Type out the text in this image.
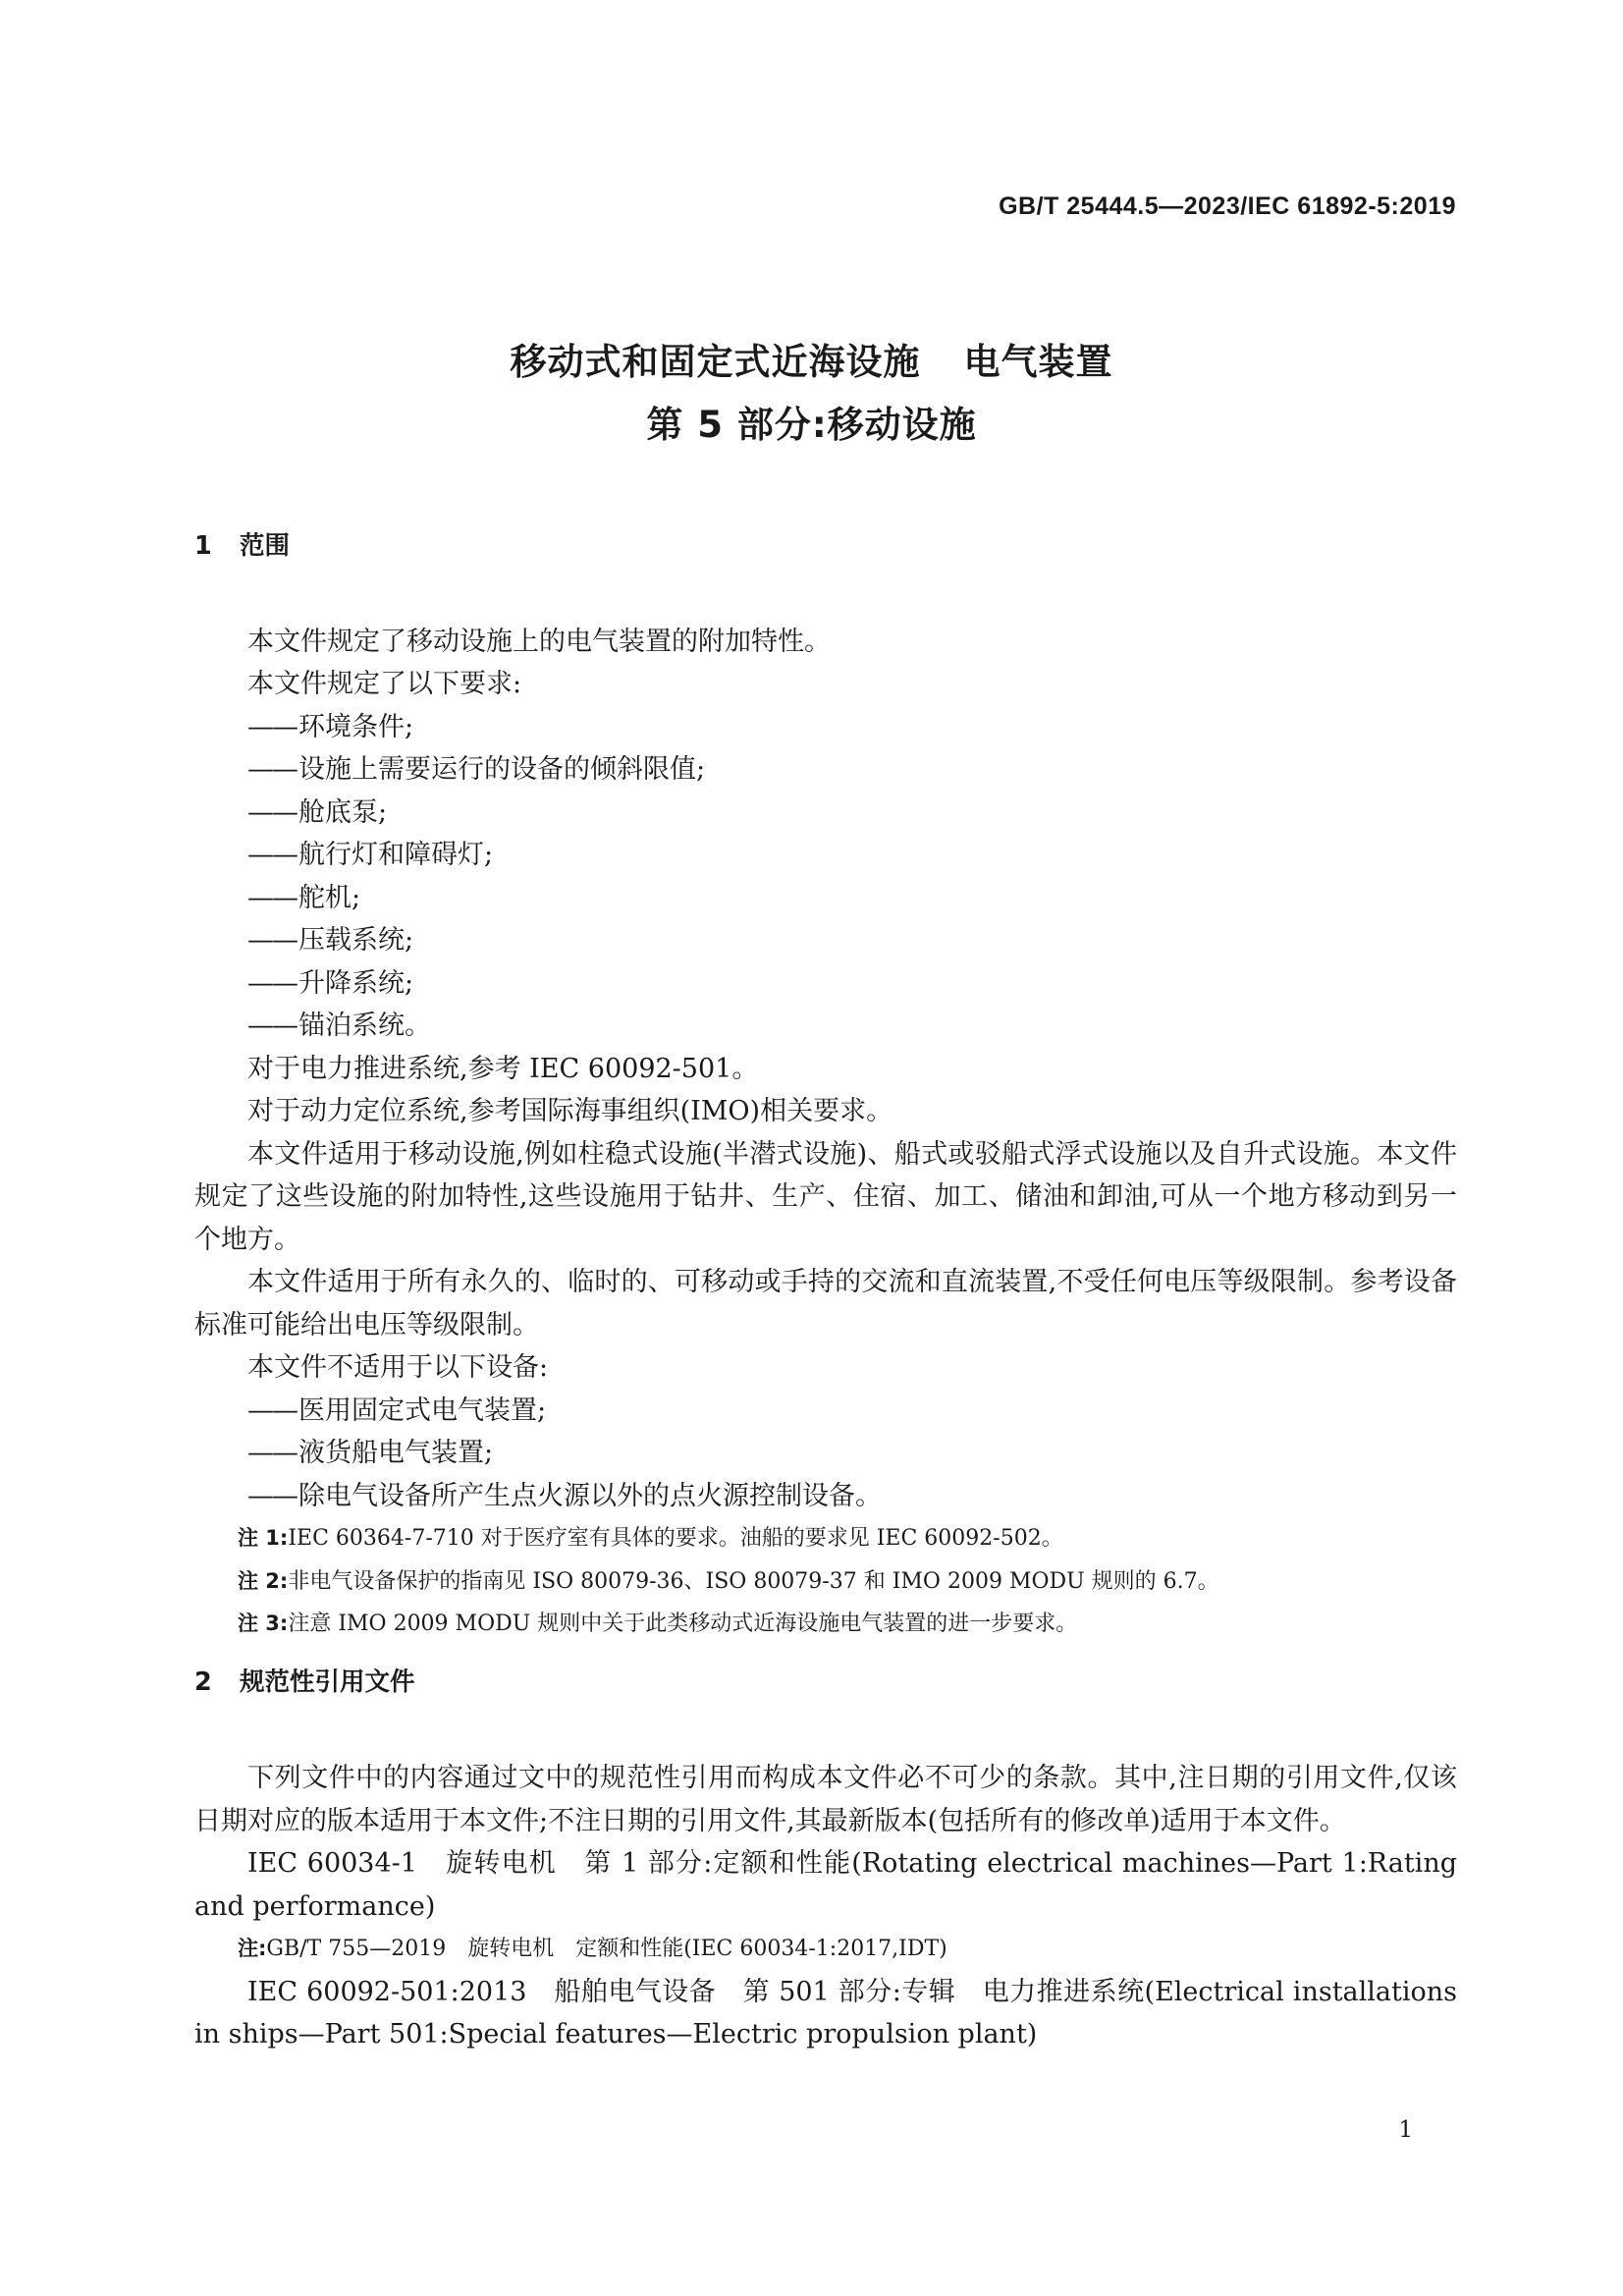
GB/T 25444.5—2023/IEC 61892-5:2019
移动式和固定式近海设施 电气装置
第 5 部分:移动设施
1 范围

本文件规定了移动设施上的电气装置的附加特性。

本文件规定了以下要求:

——环境条件;

——设施上需要运行的设备的倾斜限值;

——舱底泵;

——航行灯和障碍灯;

——舵机;

——压载系统;

——升降系统;

——锚泊系统。

对于电力推进系统,参考 IEC 60092-501。

对于动力定位系统,参考国际海事组织(IMO)相关要求。

本文件适用于移动设施,例如柱稳式设施(半潜式设施)、船式或驳船式浮式设施以及自升式设施。本文件规定了这些设施的附加特性,这些设施用于钻井、生产、住宿、加工、储油和卸油,可从一个地方移动到另一个地方。

本文件适用于所有永久的、临时的、可移动或手持的交流和直流装置,不受任何电压等级限制。参考设备标准可能给出电压等级限制。

本文件不适用于以下设备:

——医用固定式电气装置;

——液货船电气装置;

——除电气设备所产生点火源以外的点火源控制设备。

注 1:IEC 60364-7-710 对于医疗室有具体的要求。油船的要求见 IEC 60092-502。

注 2:非电气设备保护的指南见 ISO 80079-36、ISO 80079-37 和 IMO 2009 MODU 规则的 6.7。

注 3:注意 IMO 2009 MODU 规则中关于此类移动式近海设施电气装置的进一步要求。

2 规范性引用文件

下列文件中的内容通过文中的规范性引用而构成本文件必不可少的条款。其中,注日期的引用文件,仅该日期对应的版本适用于本文件;不注日期的引用文件,其最新版本(包括所有的修改单)适用于本文件。

IEC 60034-1　旋转电机　第 1 部分:定额和性能(Rotating electrical machines—Part 1:Rating and performance)

注:GB/T 755—2019　旋转电机　定额和性能(IEC 60034-1:2017,IDT)

IEC 60092-501:2013　船舶电气设备　第 501 部分:专辑　电力推进系统(Electrical installations in ships—Part 501:Special features—Electric propulsion plant)

1
